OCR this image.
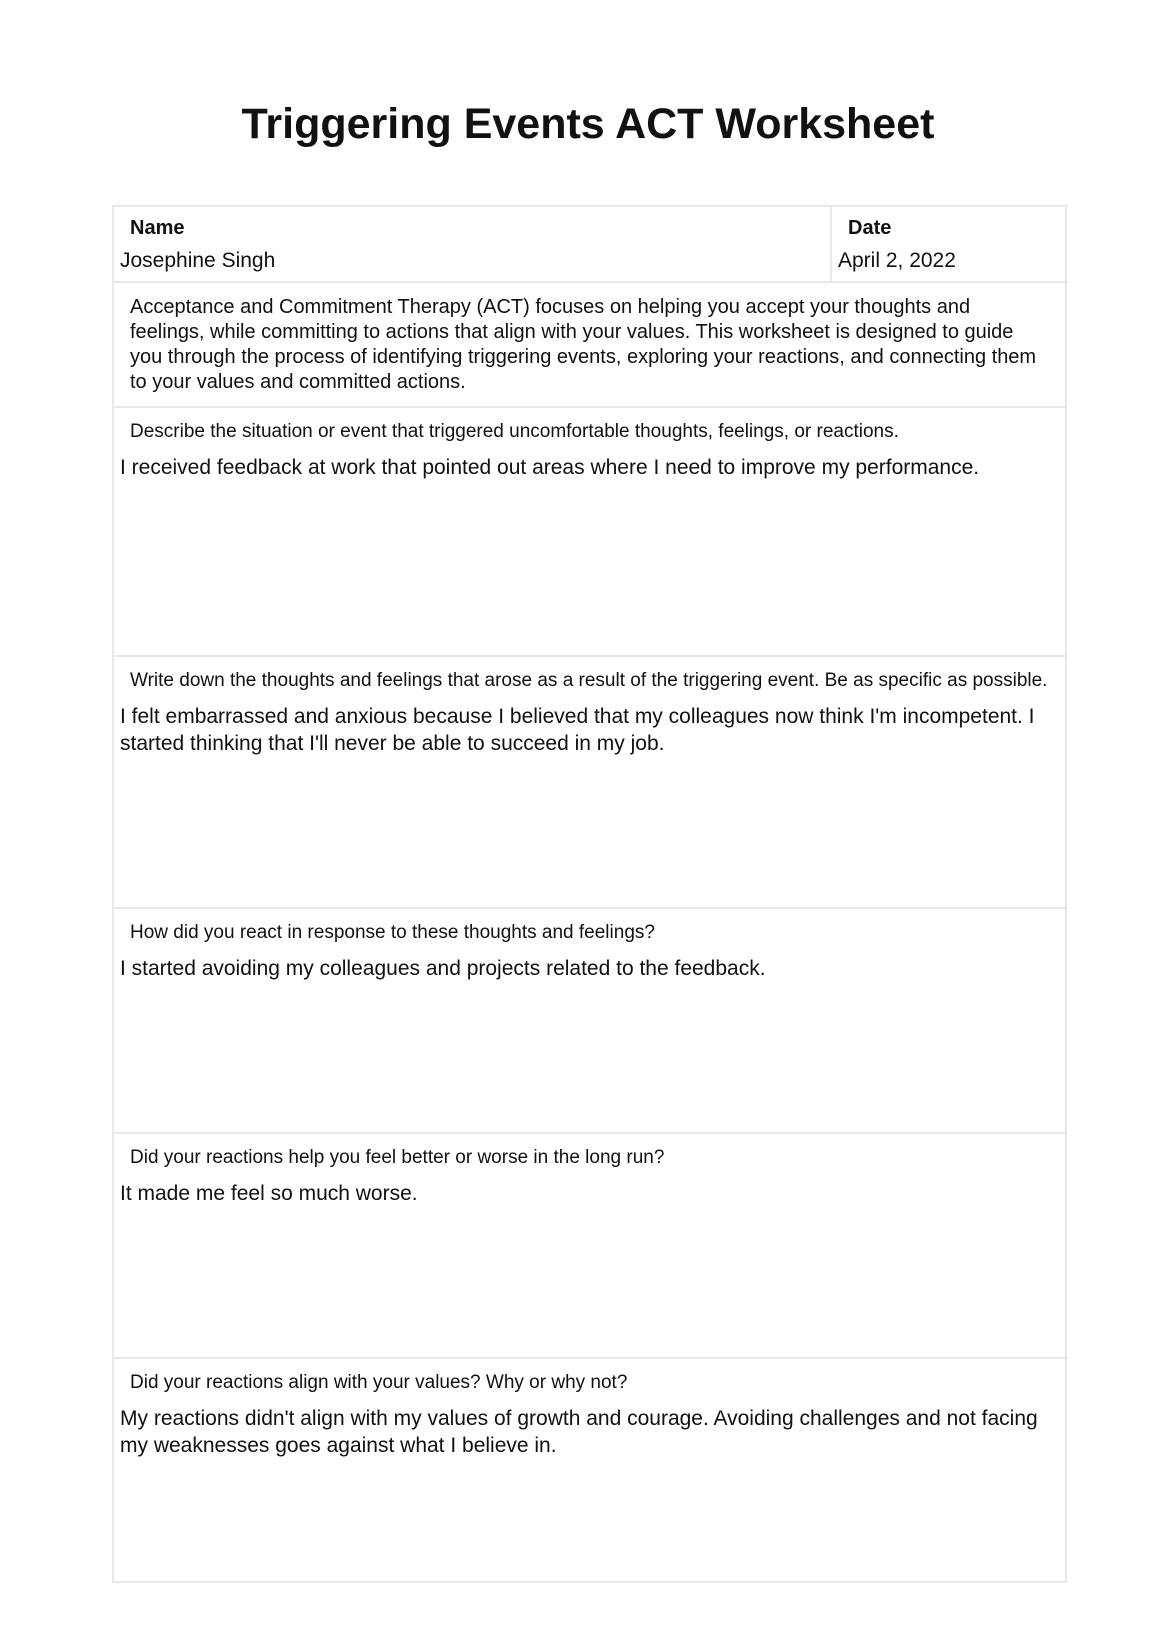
Triggering Events ACT Worksheet
Name
Josephine Singh
Date
April 2, 2022
Acceptance and Commitment Therapy (ACT) focuses on helping you accept your thoughts and feelings, while committing to actions that align with your values. This worksheet is designed to guide you through the process of identifying triggering events, exploring your reactions, and connecting them to your values and committed actions.
Describe the situation or event that triggered uncomfortable thoughts, feelings, or reactions.
I received feedback at work that pointed out areas where I need to improve my performance.
Write down the thoughts and feelings that arose as a result of the triggering event. Be as specific as possible.
I felt embarrassed and anxious because I believed that my colleagues now think I'm incompetent. I started thinking that I'll never be able to succeed in my job.
How did you react in response to these thoughts and feelings?
I started avoiding my colleagues and projects related to the feedback.
Did your reactions help you feel better or worse in the long run?
It made me feel so much worse.
Did your reactions align with your values? Why or why not?
My reactions didn't align with my values of growth and courage. Avoiding challenges and not facing my weaknesses goes against what I believe in.
